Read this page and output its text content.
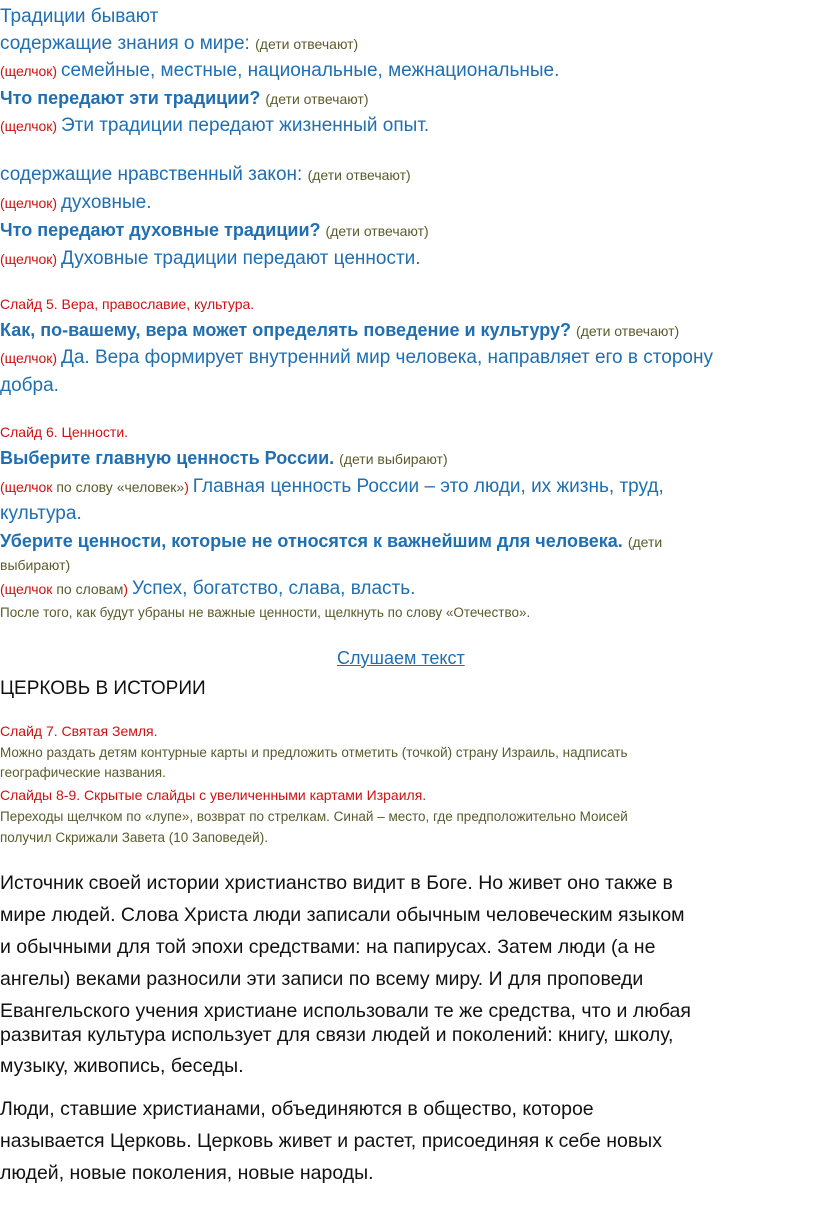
Традиции бывают
содержащие знания о мире: (дети отвечают)
(щелчок) семейные, местные, национальные, межнациональные.
Что передают эти традиции? (дети отвечают)
(щелчок) Эти традиции передают жизненный опыт.
содержащие нравственный закон: (дети отвечают)
(щелчок) духовные.
Что передают духовные традиции? (дети отвечают)
(щелчок) Духовные традиции передают ценности.
Слайд 5. Вера, православие, культура.
Как, по-вашему, вера может определять поведение и культуру? (дети отвечают)
(щелчок) Да. Вера формирует внутренний мир человека, направляет его в сторону
добра.
Слайд 6. Ценности.
Выберите главную ценность России. (дети выбирают)
(щелчок по слову «человек») Главная ценность России – это люди, их жизнь, труд,
культура.
Уберите ценности, которые не относятся к важнейшим для человека. (дети
выбирают)
(щелчок по словам) Успех, богатство, слава, власть.
После того, как будут убраны не важные ценности, щелкнуть по слову «Отечество».
Слушаем текст
ЦЕРКОВЬ В ИСТОРИИ
Слайд 7. Святая Земля.
Можно раздать детям контурные карты и предложить отметить (точкой) страну Израиль, надписать
географические названия.
Слайды 8-9. Скрытые слайды с увеличенными картами Израиля.
Переходы щелчком по «лупе», возврат по стрелкам. Синай – место, где предположительно Моисей
получил Скрижали Завета (10 Заповедей).
Источник своей истории христианство видит в Боге. Но живет оно также в
мире людей. Слова Христа люди записали обычным человеческим языком
и обычными для той эпохи средствами: на папирусах. Затем люди (а не
ангелы) веками разносили эти записи по всему миру. И для проповеди
Евангельского учения христиане использовали те же средства, что и любая
развитая культура использует для связи людей и поколений: книгу, школу,
музыку, живопись, беседы.
Люди, ставшие христианами, объединяются в общество, которое
называется Церковь. Церковь живет и растет, присоединяя к себе новых
людей, новые поколения, новые народы.
